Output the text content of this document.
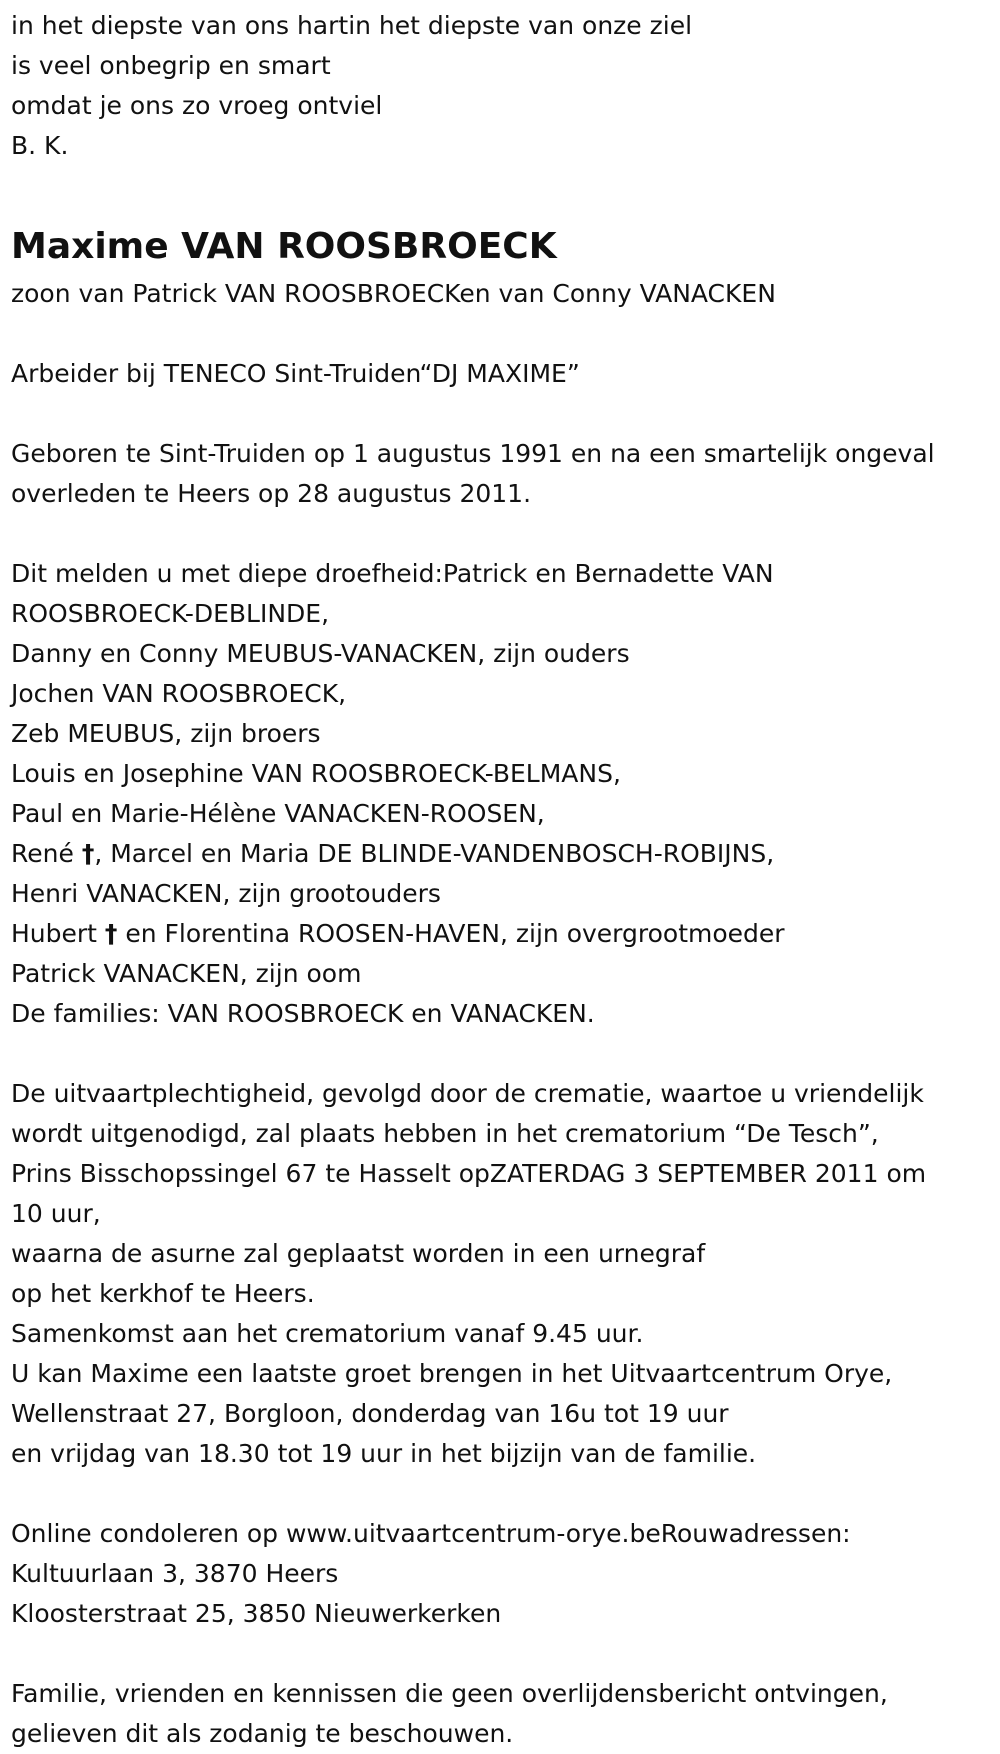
in het diepste van ons hartin het diepste van onze ziel
is veel onbegrip en smart
omdat je ons zo vroeg ontviel
B. K.
Maxime VAN ROOSBROECK
zoon van Patrick VAN ROOSBROECKen van Conny VANACKEN
Arbeider bij TENECO Sint-Truiden“DJ MAXIME”
Geboren te Sint-Truiden op 1 augustus 1991 en na een smartelijk ongeval
overleden te Heers op 28 augustus 2011.
Dit melden u met diepe droefheid:Patrick en Bernadette VAN
ROOSBROECK-DEBLINDE,
Danny en Conny MEUBUS-VANACKEN, zijn ouders
Jochen VAN ROOSBROECK,
Zeb MEUBUS, zijn broers
Louis en Josephine VAN ROOSBROECK-BELMANS,
Paul en Marie-Hélène VANACKEN-ROOSEN,
René †, Marcel en Maria DE BLINDE-VANDENBOSCH-ROBIJNS,
Henri VANACKEN, zijn grootouders
Hubert † en Florentina ROOSEN-HAVEN, zijn overgrootmoeder
Patrick VANACKEN, zijn oom
De families: VAN ROOSBROECK en VANACKEN.
De uitvaartplechtigheid, gevolgd door de crematie, waartoe u vriendelijk
wordt uitgenodigd, zal plaats hebben in het crematorium “De Tesch”,
Prins Bisschopssingel 67 te Hasselt opZATERDAG 3 SEPTEMBER 2011 om
10 uur,
waarna de asurne zal geplaatst worden in een urnegraf
op het kerkhof te Heers.
Samenkomst aan het crematorium vanaf 9.45 uur.
U kan Maxime een laatste groet brengen in het Uitvaartcentrum Orye,
Wellenstraat 27, Borgloon, donderdag van 16u tot 19 uur
en vrijdag van 18.30 tot 19 uur in het bijzijn van de familie.
Online condoleren op www.uitvaartcentrum-orye.beRouwadressen:
Kultuurlaan 3, 3870 Heers
Kloosterstraat 25, 3850 Nieuwerkerken
Familie, vrienden en kennissen die geen overlijdensbericht ontvingen,
gelieven dit als zodanig te beschouwen.
